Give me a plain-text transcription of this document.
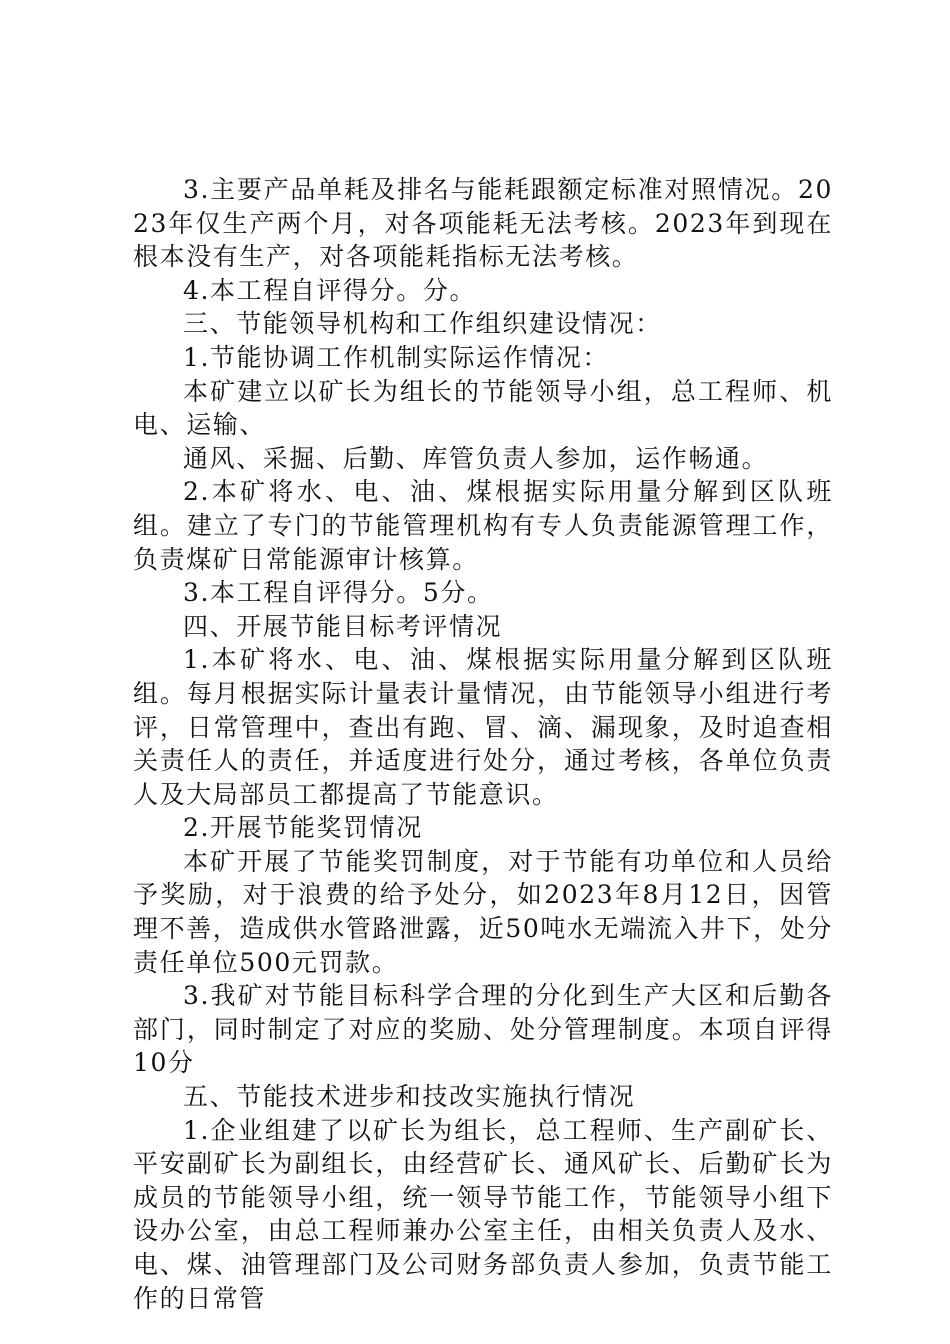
3.主要产品单耗及排名与能耗跟额定标准对照情况。2023年仅生产两个月，对各项能耗无法考核。2023年到现在根本没有生产，对各项能耗指标无法考核。

4.本工程自评得分。分。

三、节能领导机构和工作组织建设情况：

1.节能协调工作机制实际运作情况：

本矿建立以矿长为组长的节能领导小组，总工程师、机电、运输、

通风、采掘、后勤、库管负责人参加，运作畅通。

2.本矿将水、电、油、煤根据实际用量分解到区队班组。建立了专门的节能管理机构有专人负责能源管理工作，负责煤矿日常能源审计核算。

3.本工程自评得分。5分。

四、开展节能目标考评情况

1.本矿将水、电、油、煤根据实际用量分解到区队班组。每月根据实际计量表计量情况，由节能领导小组进行考评，日常管理中，查出有跑、冒、滴、漏现象，及时追查相关责任人的责任，并适度进行处分，通过考核，各单位负责人及大局部员工都提高了节能意识。

2.开展节能奖罚情况

本矿开展了节能奖罚制度，对于节能有功单位和人员给予奖励，对于浪费的给予处分，如2023年8月12日，因管理不善，造成供水管路泄露，近50吨水无端流入井下，处分责任单位500元罚款。

3.我矿对节能目标科学合理的分化到生产大区和后勤各部门，同时制定了对应的奖励、处分管理制度。本项自评得10分

五、节能技术进步和技改实施执行情况

1.企业组建了以矿长为组长，总工程师、生产副矿长、平安副矿长为副组长，由经营矿长、通风矿长、后勤矿长为成员的节能领导小组，统一领导节能工作，节能领导小组下设办公室，由总工程师兼办公室主任，由相关负责人及水、电、煤、油管理部门及公司财务部负责人参加，负责节能工作的日常管
